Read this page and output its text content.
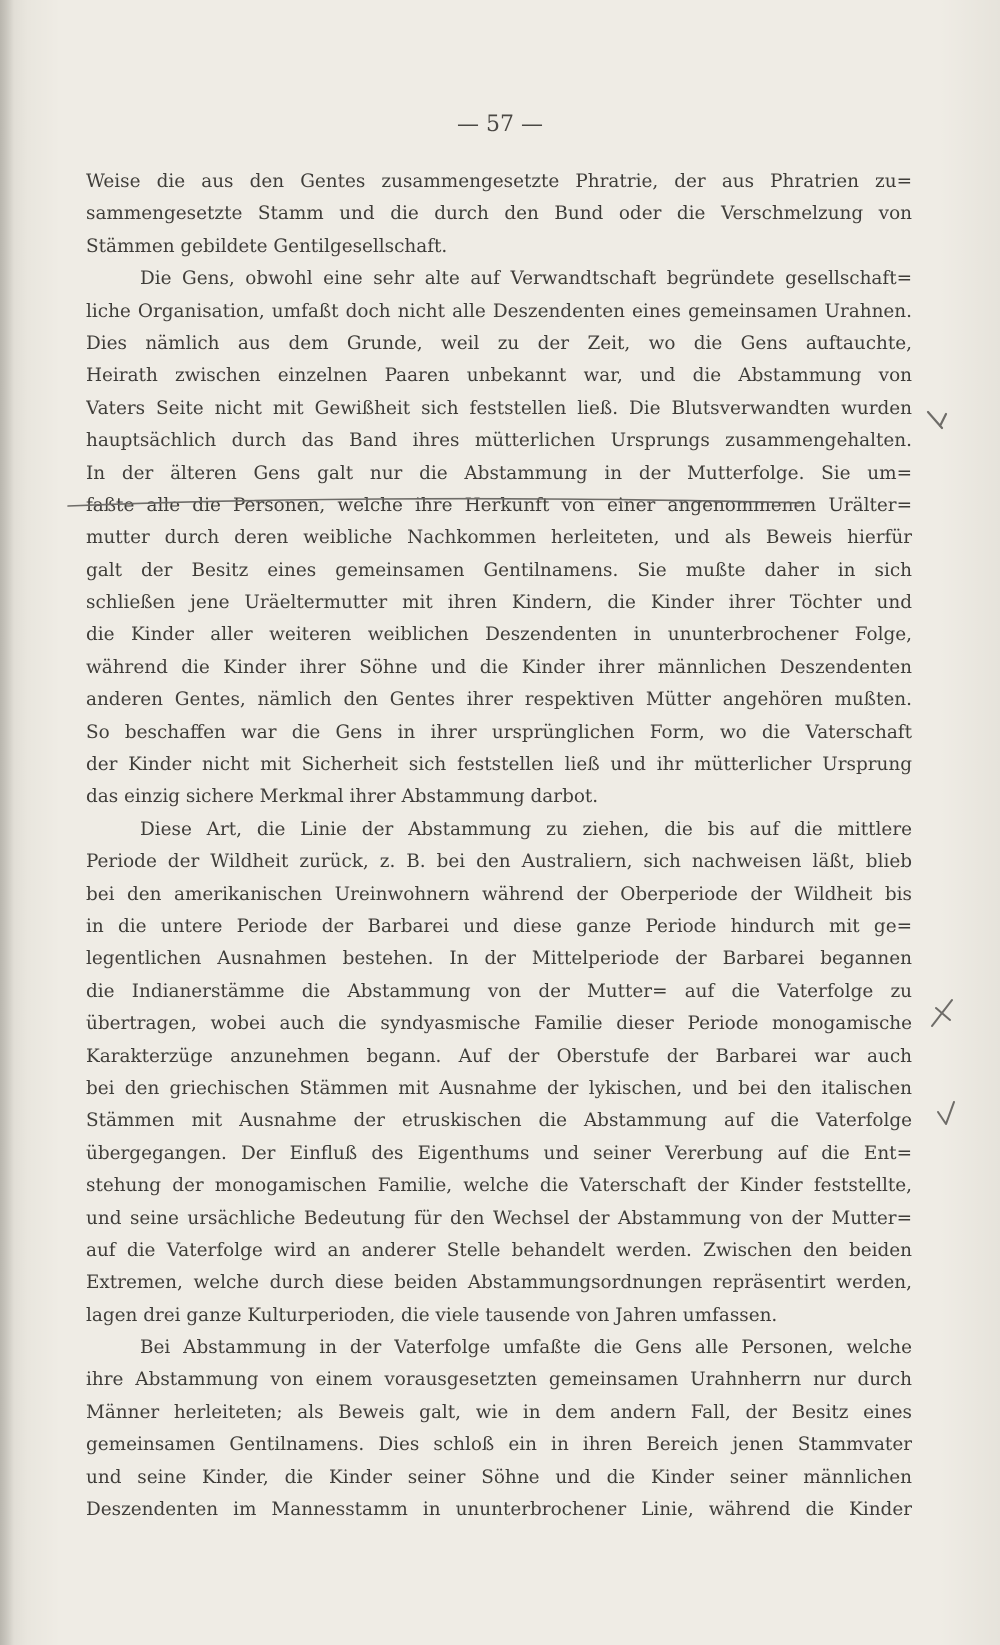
— 57 —
Weise die aus den Gentes zusammengesetzte Phratrie, der aus Phratrien zu=
sammengesetzte Stamm und die durch den Bund oder die Verschmelzung von
Stämmen gebildete Gentilgesellschaft.
Die Gens, obwohl eine sehr alte auf Verwandtschaft begründete gesellschaft=
liche Organisation, umfaßt doch nicht alle Deszendenten eines gemeinsamen Urahnen.
Dies nämlich aus dem Grunde, weil zu der Zeit, wo die Gens auftauchte,
Heirath zwischen einzelnen Paaren unbekannt war, und die Abstammung von
Vaters Seite nicht mit Gewißheit sich feststellen ließ. Die Blutsverwandten wurden
hauptsächlich durch das Band ihres mütterlichen Ursprungs zusammengehalten.
In der älteren Gens galt nur die Abstammung in der Mutterfolge. Sie um=
faßte alle die Personen, welche ihre Herkunft von einer angenommenen Urälter=
mutter durch deren weibliche Nachkommen herleiteten, und als Beweis hierfür
galt der Besitz eines gemeinsamen Gentilnamens. Sie mußte daher in sich
schließen jene Uräeltermutter mit ihren Kindern, die Kinder ihrer Töchter und
die Kinder aller weiteren weiblichen Deszendenten in ununterbrochener Folge,
während die Kinder ihrer Söhne und die Kinder ihrer männlichen Deszendenten
anderen Gentes, nämlich den Gentes ihrer respektiven Mütter angehören mußten.
So beschaffen war die Gens in ihrer ursprünglichen Form, wo die Vaterschaft
der Kinder nicht mit Sicherheit sich feststellen ließ und ihr mütterlicher Ursprung
das einzig sichere Merkmal ihrer Abstammung darbot.
Diese Art, die Linie der Abstammung zu ziehen, die bis auf die mittlere
Periode der Wildheit zurück, z. B. bei den Australiern, sich nachweisen läßt, blieb
bei den amerikanischen Ureinwohnern während der Oberperiode der Wildheit bis
in die untere Periode der Barbarei und diese ganze Periode hindurch mit ge=
legentlichen Ausnahmen bestehen. In der Mittelperiode der Barbarei begannen
die Indianerstämme die Abstammung von der Mutter= auf die Vaterfolge zu
übertragen, wobei auch die syndyasmische Familie dieser Periode monogamische
Karakterzüge anzunehmen begann. Auf der Oberstufe der Barbarei war auch
bei den griechischen Stämmen mit Ausnahme der lykischen, und bei den italischen
Stämmen mit Ausnahme der etruskischen die Abstammung auf die Vaterfolge
übergegangen. Der Einfluß des Eigenthums und seiner Vererbung auf die Ent=
stehung der monogamischen Familie, welche die Vaterschaft der Kinder feststellte,
und seine ursächliche Bedeutung für den Wechsel der Abstammung von der Mutter=
auf die Vaterfolge wird an anderer Stelle behandelt werden. Zwischen den beiden
Extremen, welche durch diese beiden Abstammungsordnungen repräsentirt werden,
lagen drei ganze Kulturperioden, die viele tausende von Jahren umfassen.
Bei Abstammung in der Vaterfolge umfaßte die Gens alle Personen, welche
ihre Abstammung von einem vorausgesetzten gemeinsamen Urahnherrn nur durch
Männer herleiteten; als Beweis galt, wie in dem andern Fall, der Besitz eines
gemeinsamen Gentilnamens. Dies schloß ein in ihren Bereich jenen Stammvater
und seine Kinder, die Kinder seiner Söhne und die Kinder seiner männlichen
Deszendenten im Mannesstamm in ununterbrochener Linie, während die Kinder
